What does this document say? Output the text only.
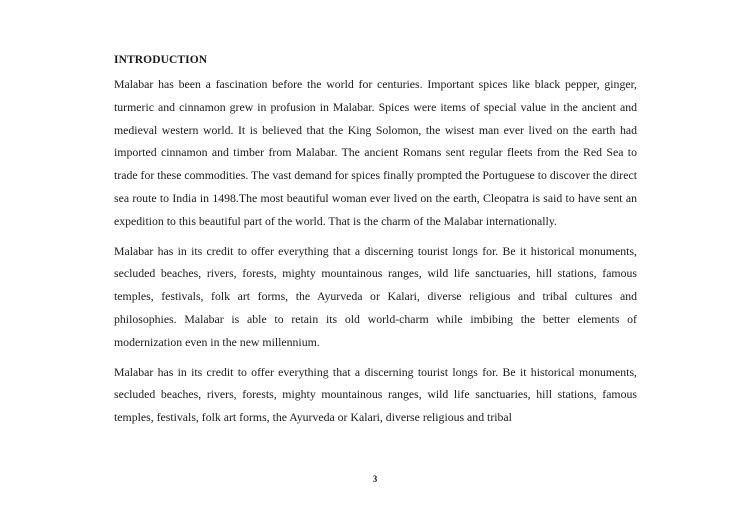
INTRODUCTION

Malabar has been a fascination before the world for centuries. Important spices like black pepper, ginger, turmeric and cinnamon grew in profusion in Malabar. Spices were items of special value in the ancient and medieval western world. It is believed that the King Solomon, the wisest man ever lived on the earth had imported cinnamon and timber from Malabar. The ancient Romans sent regular fleets from the Red Sea to trade for these commodities. The vast demand for spices finally prompted the Portuguese to discover the direct sea route to India in 1498.The most beautiful woman ever lived on the earth, Cleopatra is said to have sent an expedition to this beautiful part of the world. That is the charm of the Malabar internationally.

Malabar has in its credit to offer everything that a discerning tourist longs for. Be it historical monuments, secluded beaches, rivers, forests, mighty mountainous ranges, wild life sanctuaries, hill stations, famous temples, festivals, folk art forms, the Ayurveda or Kalari, diverse religious and tribal cultures and philosophies. Malabar is able to retain its old world-charm while imbibing the better elements of modernization even in the new millennium.

Malabar has in its credit to offer everything that a discerning tourist longs for. Be it historical monuments, secluded beaches, rivers, forests, mighty mountainous ranges, wild life sanctuaries, hill stations, famous temples, festivals, folk art forms, the Ayurveda or Kalari, diverse religious and tribal

3
